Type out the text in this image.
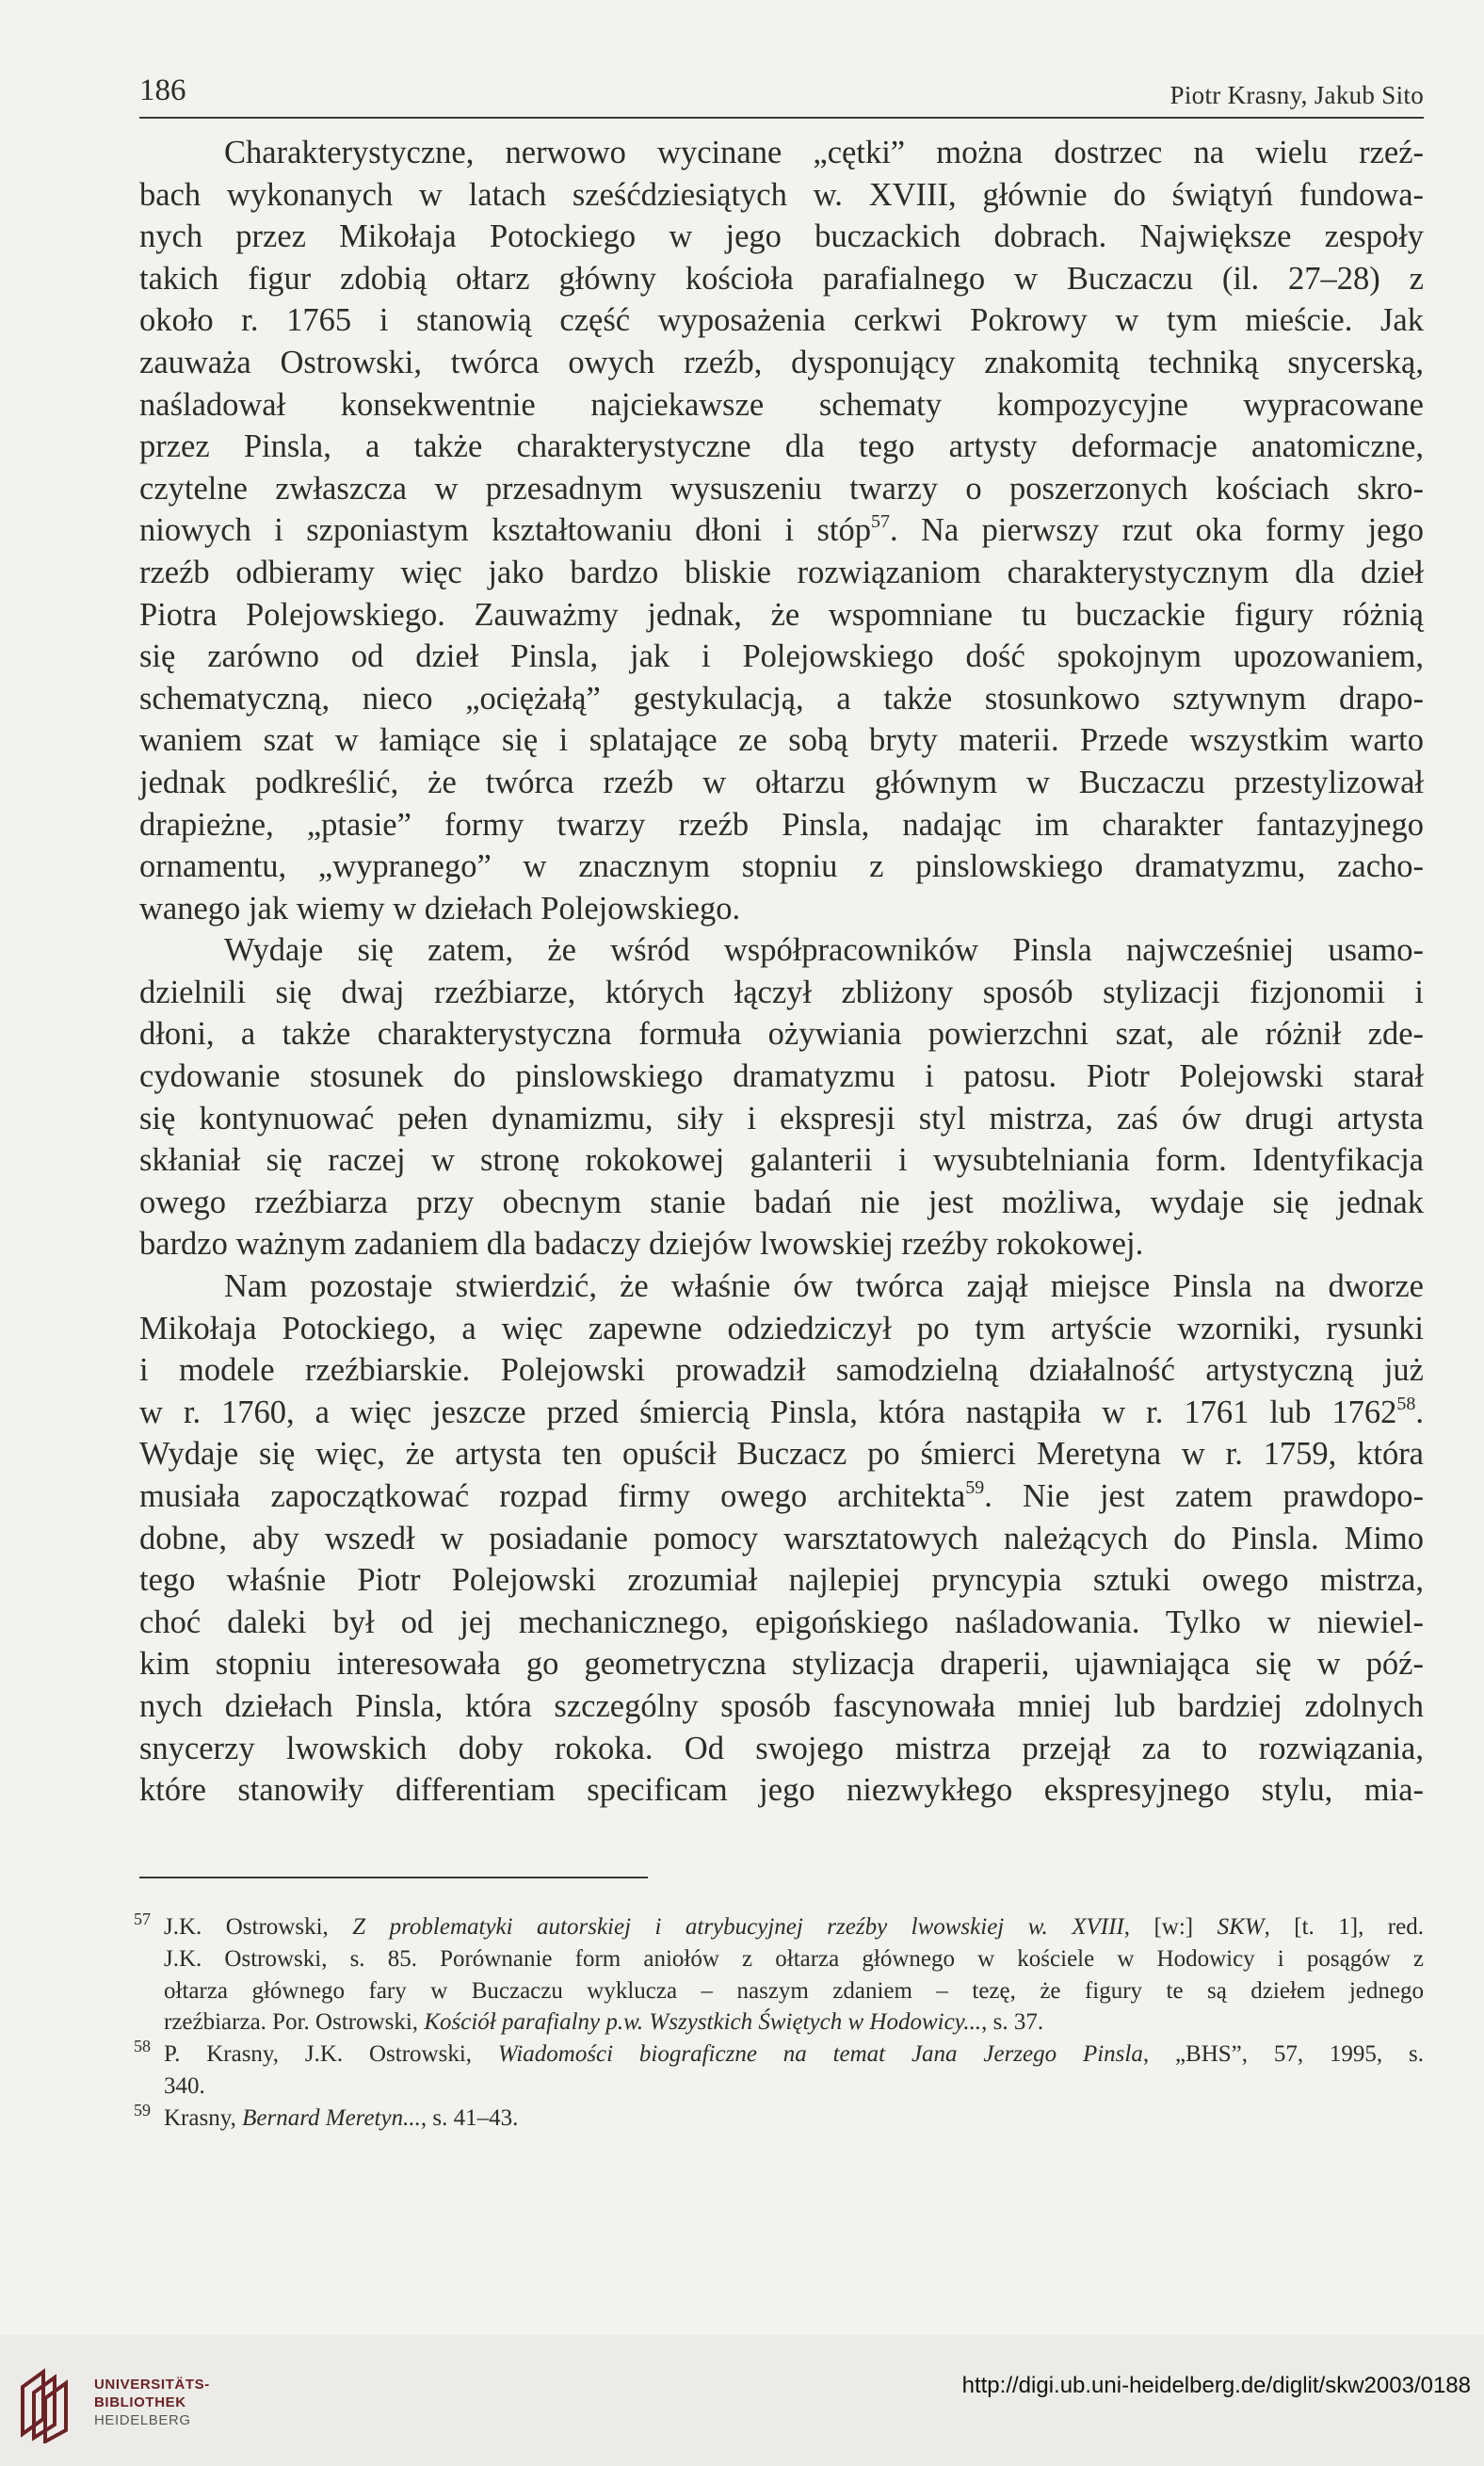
186	Piotr Krasny, Jakub Sito
Charakterystyczne, nerwowo wycinane „cętki” można dostrzec na wielu rzeź-
bach wykonanych w latach sześćdziesiątych w. XVIII, głównie do świątyń fundowa-
nych przez Mikołaja Potockiego w jego buczackich dobrach. Największe zespoły
takich figur zdobią ołtarz główny kościoła parafialnego w Buczaczu (il. 27–28) z
około r. 1765 i stanowią część wyposażenia cerkwi Pokrowy w tym mieście. Jak
zauważa Ostrowski, twórca owych rzeźb, dysponujący znakomitą techniką snycerską,
naśladował konsekwentnie najciekawsze schematy kompozycyjne wypracowane
przez Pinsla, a także charakterystyczne dla tego artysty deformacje anatomiczne,
czytelne zwłaszcza w przesadnym wysuszeniu twarzy o poszerzonych kościach skro-
niowych i szponiastym kształtowaniu dłoni i stóp$^{57}$. Na pierwszy rzut oka formy jego
rzeźb odbieramy więc jako bardzo bliskie rozwiązaniom charakterystycznym dla dzieł
Piotra Polejowskiego. Zauważmy jednak, że wspomniane tu buczackie figury różnią
się zarówno od dzieł Pinsla, jak i Polejowskiego dość spokojnym upozowaniem,
schematyczną, nieco „ociężałą” gestykulacją, a także stosunkowo sztywnym drapo-
waniem szat w łamiące się i splatające ze sobą bryty materii. Przede wszystkim warto
jednak podkreślić, że twórca rzeźb w ołtarzu głównym w Buczaczu przestylizował
drapieżne, „ptasie” formy twarzy rzeźb Pinsla, nadając im charakter fantazyjnego
ornamentu, „wypranego” w znacznym stopniu z pinslowskiego dramatyzmu, zacho-
wanego jak wiemy w dziełach Polejowskiego.
Wydaje się zatem, że wśród współpracowników Pinsla najwcześniej usamo-
dzielnili się dwaj rzeźbiarze, których łączył zbliżony sposób stylizacji fizjonomii i
dłoni, a także charakterystyczna formuła ożywiania powierzchni szat, ale różnił zde-
cydowanie stosunek do pinslowskiego dramatyzmu i patosu. Piotr Polejowski starał
się kontynuować pełen dynamizmu, siły i ekspresji styl mistrza, zaś ów drugi artysta
skłaniał się raczej w stronę rokokowej galanterii i wysubtelniania form. Identyfikacja
owego rzeźbiarza przy obecnym stanie badań nie jest możliwa, wydaje się jednak
bardzo ważnym zadaniem dla badaczy dziejów lwowskiej rzeźby rokokowej.
Nam pozostaje stwierdzić, że właśnie ów twórca zajął miejsce Pinsla na dworze
Mikołaja Potockiego, a więc zapewne odziedziczył po tym artyście wzorniki, rysunki
i modele rzeźbiarskie. Polejowski prowadził samodzielną działalność artystyczną już
w r. 1760, a więc jeszcze przed śmiercią Pinsla, która nastąpiła w r. 1761 lub 1762$^{58}$.
Wydaje się więc, że artysta ten opuścił Buczacz po śmierci Meretyna w r. 1759, która
musiała zapoczątkować rozpad firmy owego architekta$^{59}$. Nie jest zatem prawdopo-
dobne, aby wszedł w posiadanie pomocy warsztatowych należących do Pinsla. Mimo
tego właśnie Piotr Polejowski zrozumiał najlepiej pryncypia sztuki owego mistrza,
choć daleki był od jej mechanicznego, epigońskiego naśladowania. Tylko w niewiel-
kim stopniu interesowała go geometryczna stylizacja draperii, ujawniająca się w póź-
nych dziełach Pinsla, która szczególny sposób fascynowała mniej lub bardziej zdolnych
snycerzy lwowskich doby rokoka. Od swojego mistrza przejął za to rozwiązania,
które stanowiły differentiam specificam jego niezwykłego ekspresyjnego stylu, mia-
57 J.K. Ostrowski, Z problematyki autorskiej i atrybucyjnej rzeźby lwowskiej w. XVIII, [w:] SKW, [t. 1], red.
J.K. Ostrowski, s. 85. Porównanie form aniołów z ołtarza głównego w kościele w Hodowicy i posągów z
ołtarza głównego fary w Buczaczu wyklucza – naszym zdaniem – tezę, że figury te są dziełem jednego
rzeźbiarza. Por. Ostrowski, Kościół parafialny p.w. Wszystkich Świętych w Hodowicy..., s. 37.
58 P. Krasny, J.K. Ostrowski, Wiadomości biograficzne na temat Jana Jerzego Pinsla, „BHS”, 57, 1995, s.
340.
59 Krasny, Bernard Meretyn..., s. 41–43.
UNIVERSITÄTS-
BIBLIOTHEK
HEIDELBERG
http://digi.ub.uni-heidelberg.de/diglit/skw2003/0188
